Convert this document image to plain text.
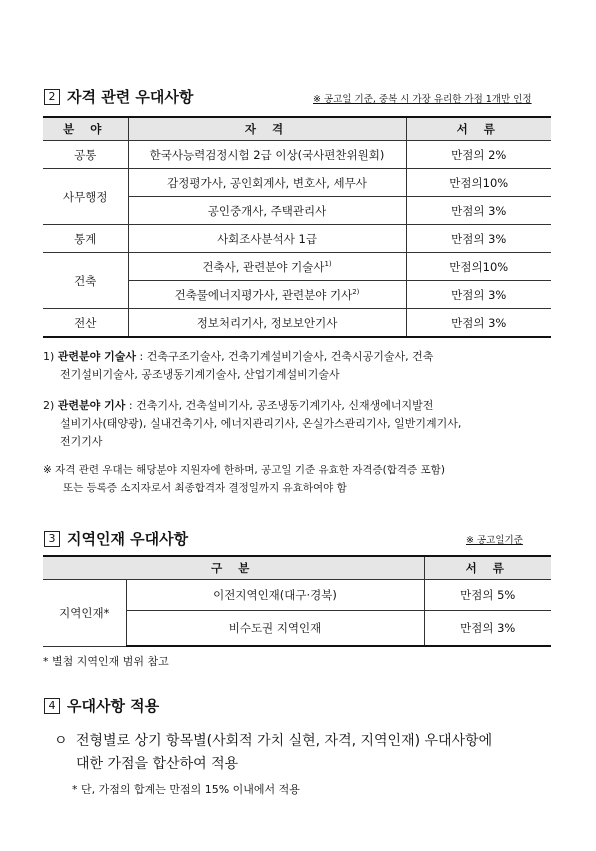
2 자격 관련 우대사항	※ 공고일 기준, 중복 시 가장 유리한 가점 1개만 인정
분 야	자 격	서 류
공통	한국사능력검정시험 2급 이상(국사편찬위원회)	만점의 2%
사무행정	감정평가사, 공인회계사, 변호사, 세무사	만점의10%
	공인중개사, 주택관리사	만점의 3%
통계	사회조사분석사 1급	만점의 3%
건축	건축사, 관련분야 기술사$^{1)}$	만점의10%
	건축물에너지평가사, 관련분야 기사$^{2)}$	만점의 3%
전산	정보처리기사, 정보보안기사	만점의 3%
1) 관련분야 기술사 : 건축구조기술사, 건축기계설비기술사, 건축시공기술사, 건축
전기설비기술사, 공조냉동기계기술사, 산업기계설비기술사
2) 관련분야 기사 : 건축기사, 건축설비기사, 공조냉동기계기사, 신재생에너지발전
설비기사(태양광), 실내건축기사, 에너지관리기사, 온실가스관리기사, 일반기계기사,
전기기사
※ 자격 관련 우대는 해당분야 지원자에 한하며, 공고일 기준 유효한 자격증(합격증 포함)
또는 등록증 소지자로서 최종합격자 결정일까지 유효하여야 함
3 지역인재 우대사항	※ 공고일기준
구 분		서 류
지역인재*	이전지역인재(대구·경북)	만점의 5%
	비수도권 지역인재	만점의 3%
* 별첨 지역인재 범위 참고
4 우대사항 적용
ㅇ 전형별로 상기 항목별(사회적 가치 실현, 자격, 지역인재) 우대사항에
대한 가점을 합산하여 적용
* 단, 가점의 합계는 만점의 15% 이내에서 적용
